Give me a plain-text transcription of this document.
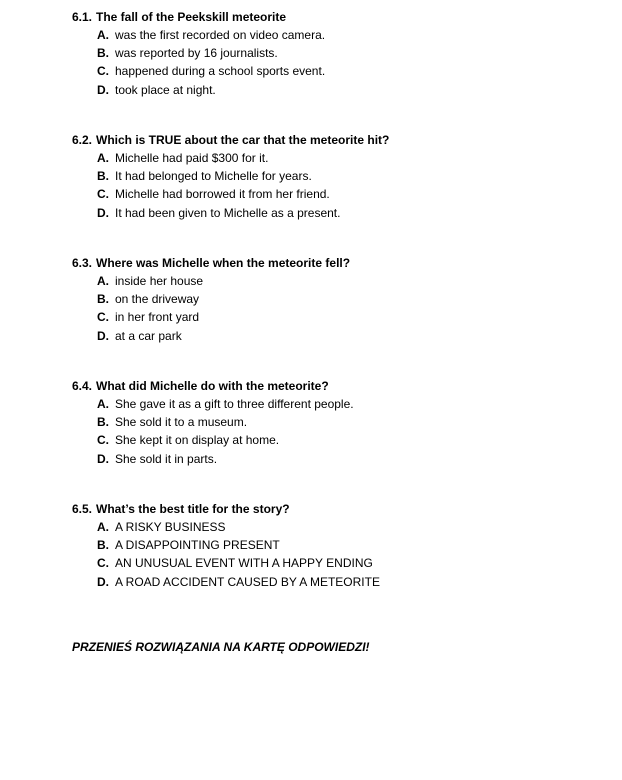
6.1. The fall of the Peekskill meteorite
A. was the first recorded on video camera.
B. was reported by 16 journalists.
C. happened during a school sports event.
D. took place at night.
6.2. Which is TRUE about the car that the meteorite hit?
A. Michelle had paid $300 for it.
B. It had belonged to Michelle for years.
C. Michelle had borrowed it from her friend.
D. It had been given to Michelle as a present.
6.3. Where was Michelle when the meteorite fell?
A. inside her house
B. on the driveway
C. in her front yard
D. at a car park
6.4. What did Michelle do with the meteorite?
A. She gave it as a gift to three different people.
B. She sold it to a museum.
C. She kept it on display at home.
D. She sold it in parts.
6.5. What’s the best title for the story?
A. A RISKY BUSINESS
B. A DISAPPOINTING PRESENT
C. AN UNUSUAL EVENT WITH A HAPPY ENDING
D. A ROAD ACCIDENT CAUSED BY A METEORITE
PRZENIEŚ ROZWIĄZANIA NA KARTĘ ODPOWIEDZI!
